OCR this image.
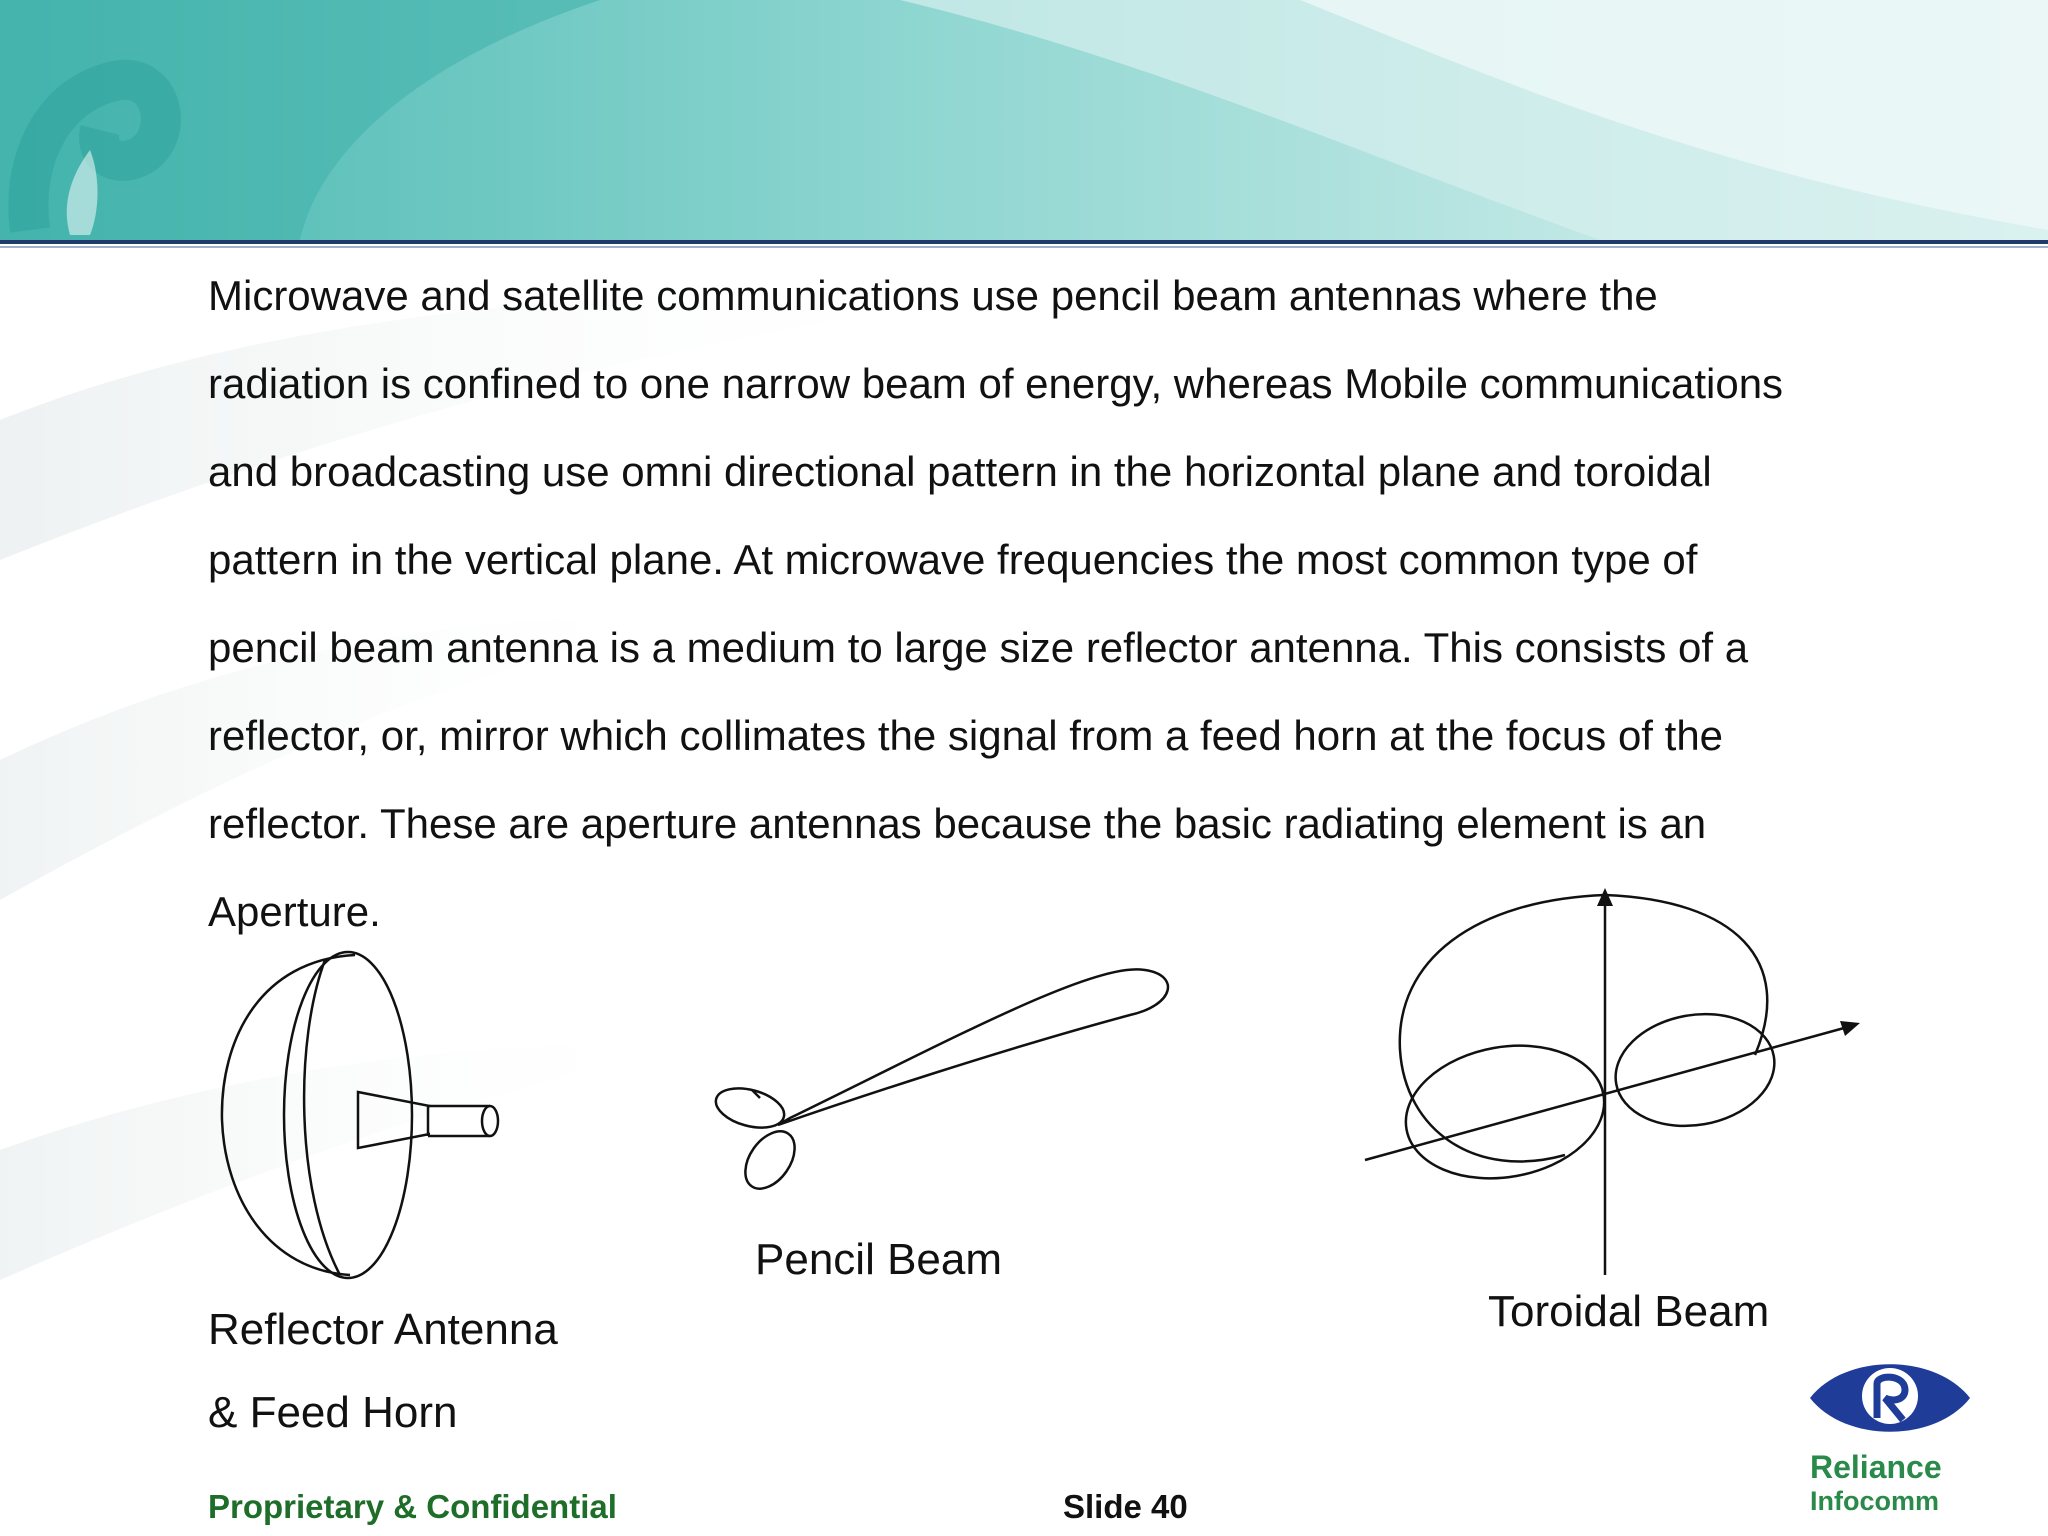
Microwave and satellite communications use pencil beam antennas where the
radiation is confined to one narrow beam of energy, whereas Mobile communications
and broadcasting use omni directional pattern in the horizontal plane and toroidal
pattern in the vertical plane. At microwave frequencies the most common type of
pencil beam antenna is a medium to large size reflector antenna. This consists of a
reflector, or, mirror which collimates the signal from a feed horn at the focus of the
reflector. These are aperture antennas because the basic radiating element is an
Aperture.

Reflector Antenna
& Feed Horn
Pencil Beam
Toroidal Beam
Proprietary & Confidential	Slide 40
Reliance
Infocomm
